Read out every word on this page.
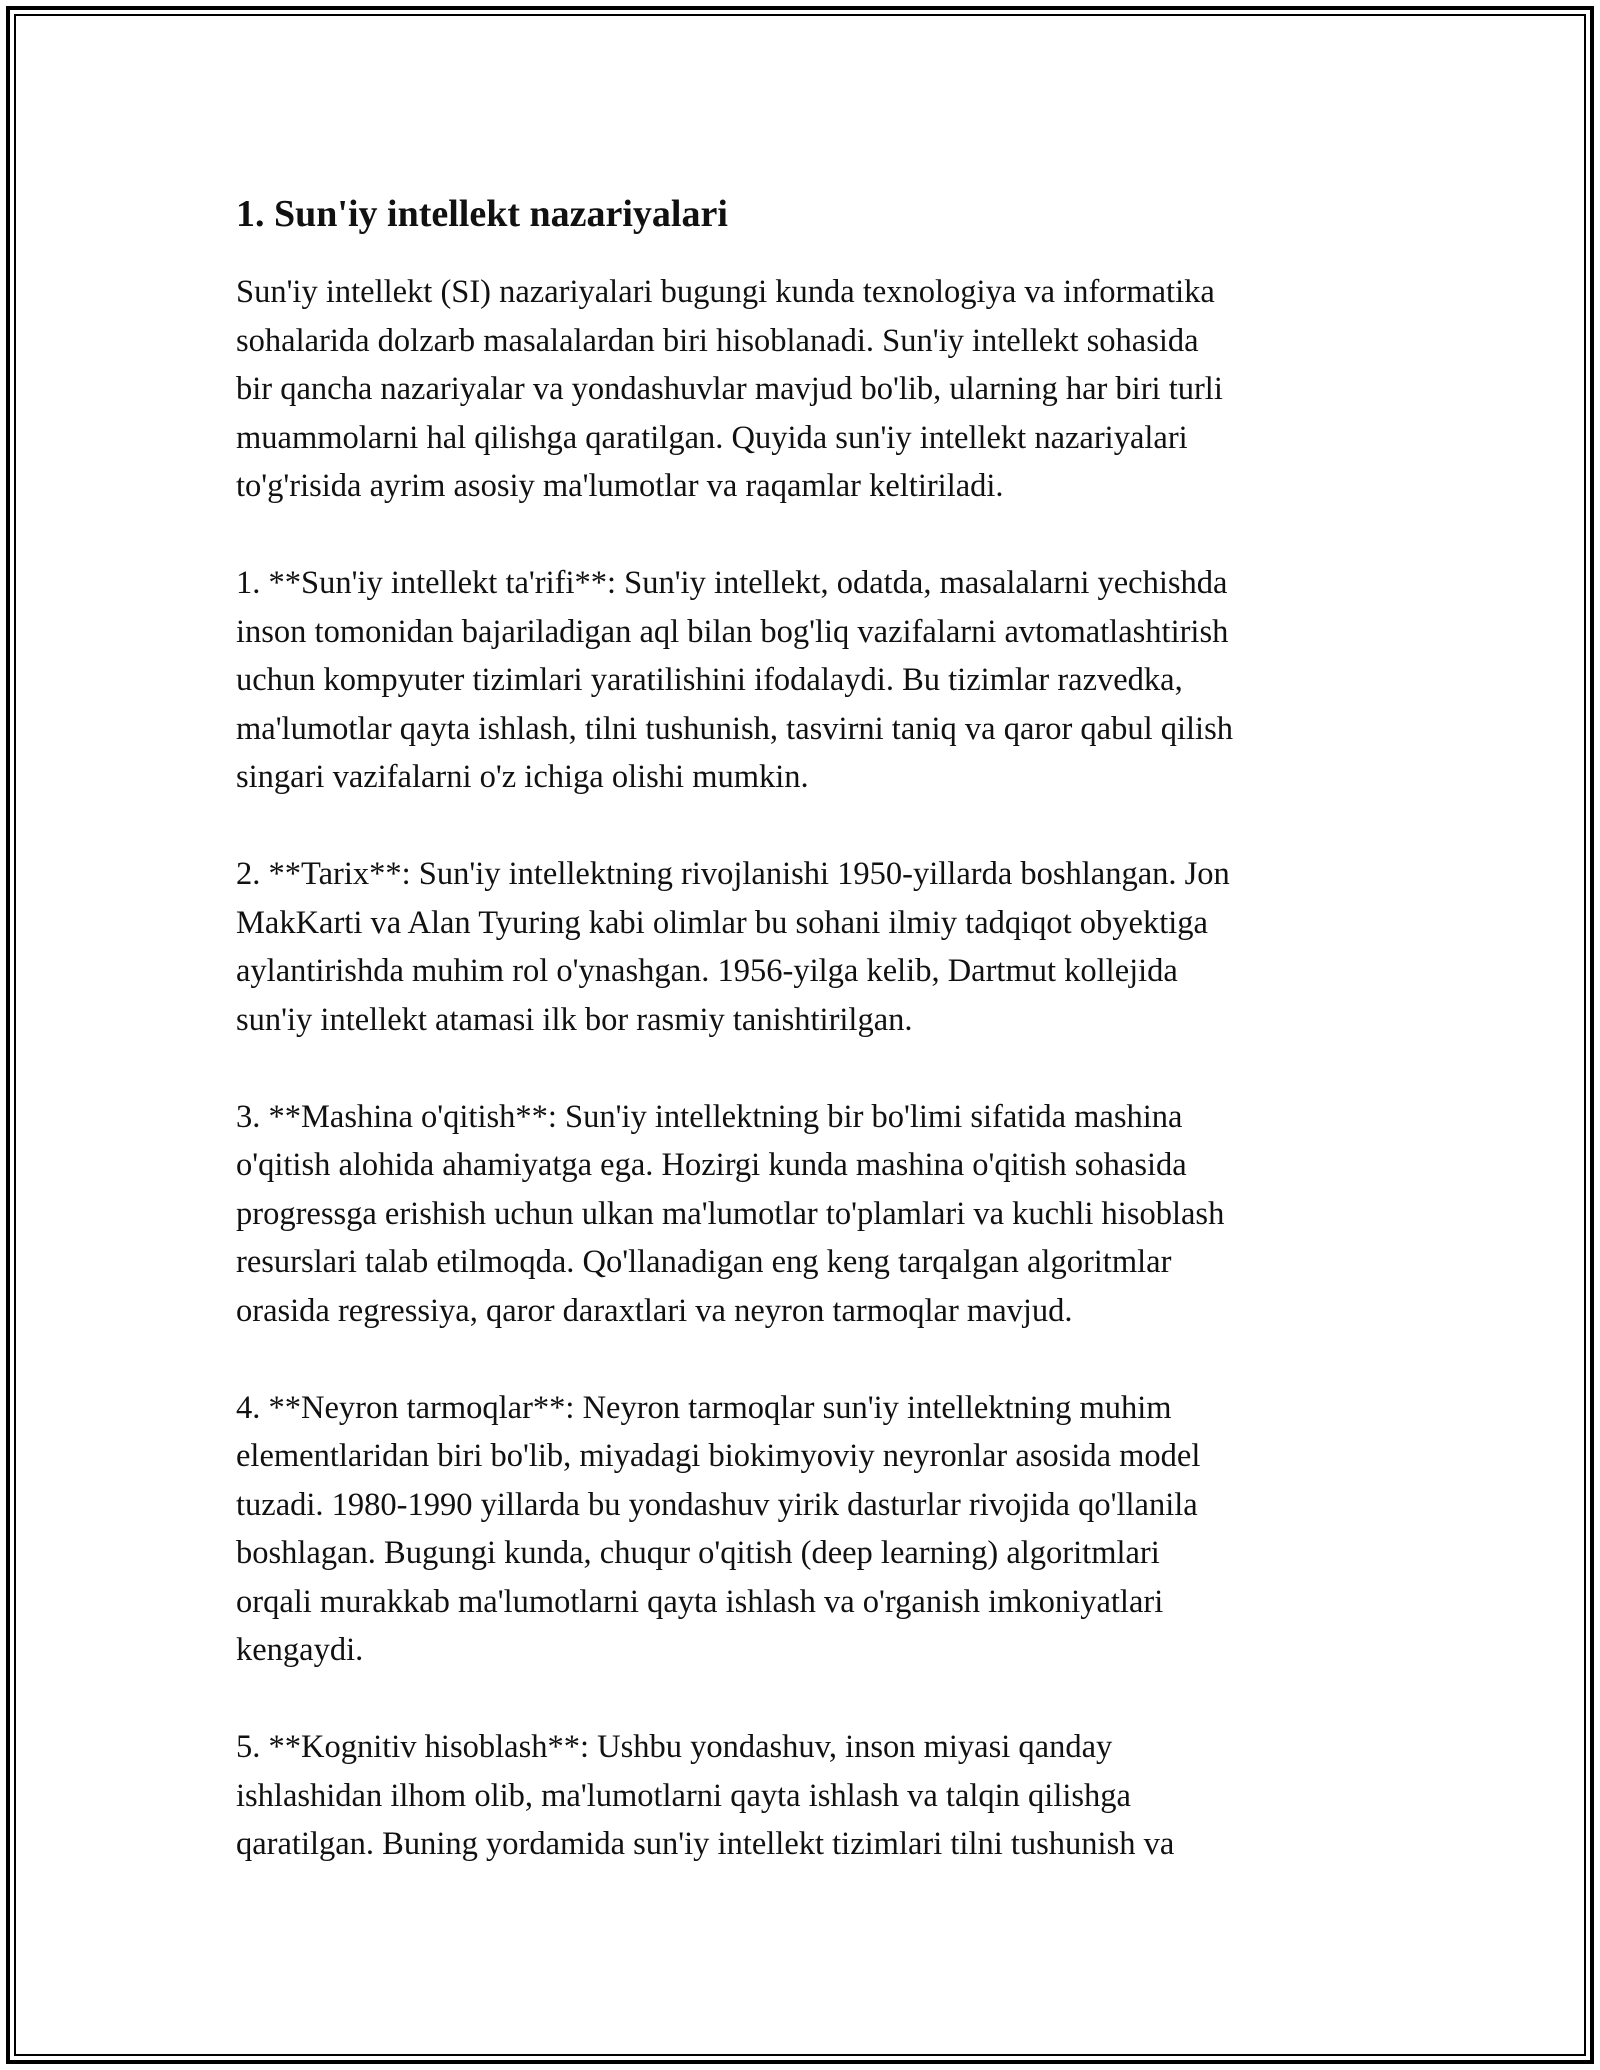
1. Sun'iy intellekt nazariyalari

Sun'iy intellekt (SI) nazariyalari bugungi kunda texnologiya va informatika
sohalarida dolzarb masalalardan biri hisoblanadi. Sun'iy intellekt sohasida
bir qancha nazariyalar va yondashuvlar mavjud bo'lib, ularning har biri turli
muammolarni hal qilishga qaratilgan. Quyida sun'iy intellekt nazariyalari
to'g'risida ayrim asosiy ma'lumotlar va raqamlar keltiriladi.

1. **Sun'iy intellekt ta'rifi**: Sun'iy intellekt, odatda, masalalarni yechishda
inson tomonidan bajariladigan aql bilan bog'liq vazifalarni avtomatlashtirish
uchun kompyuter tizimlari yaratilishini ifodalaydi. Bu tizimlar razvedka,
ma'lumotlar qayta ishlash, tilni tushunish, tasvirni taniq va qaror qabul qilish
singari vazifalarni o'z ichiga olishi mumkin.

2. **Tarix**: Sun'iy intellektning rivojlanishi 1950-yillarda boshlangan. Jon
MakKarti va Alan Tyuring kabi olimlar bu sohani ilmiy tadqiqot obyektiga
aylantirishda muhim rol o'ynashgan. 1956-yilga kelib, Dartmut kollejida
sun'iy intellekt atamasi ilk bor rasmiy tanishtirilgan.

3. **Mashina o'qitish**: Sun'iy intellektning bir bo'limi sifatida mashina
o'qitish alohida ahamiyatga ega. Hozirgi kunda mashina o'qitish sohasida
progressga erishish uchun ulkan ma'lumotlar to'plamlari va kuchli hisoblash
resurslari talab etilmoqda. Qo'llanadigan eng keng tarqalgan algoritmlar
orasida regressiya, qaror daraxtlari va neyron tarmoqlar mavjud.

4. **Neyron tarmoqlar**: Neyron tarmoqlar sun'iy intellektning muhim
elementlaridan biri bo'lib, miyadagi biokimyoviy neyronlar asosida model
tuzadi. 1980-1990 yillarda bu yondashuv yirik dasturlar rivojida qo'llanila
boshlagan. Bugungi kunda, chuqur o'qitish (deep learning) algoritmlari
orqali murakkab ma'lumotlarni qayta ishlash va o'rganish imkoniyatlari
kengaydi.

5. **Kognitiv hisoblash**: Ushbu yondashuv, inson miyasi qanday
ishlashidan ilhom olib, ma'lumotlarni qayta ishlash va talqin qilishga
qaratilgan. Buning yordamida sun'iy intellekt tizimlari tilni tushunish va
